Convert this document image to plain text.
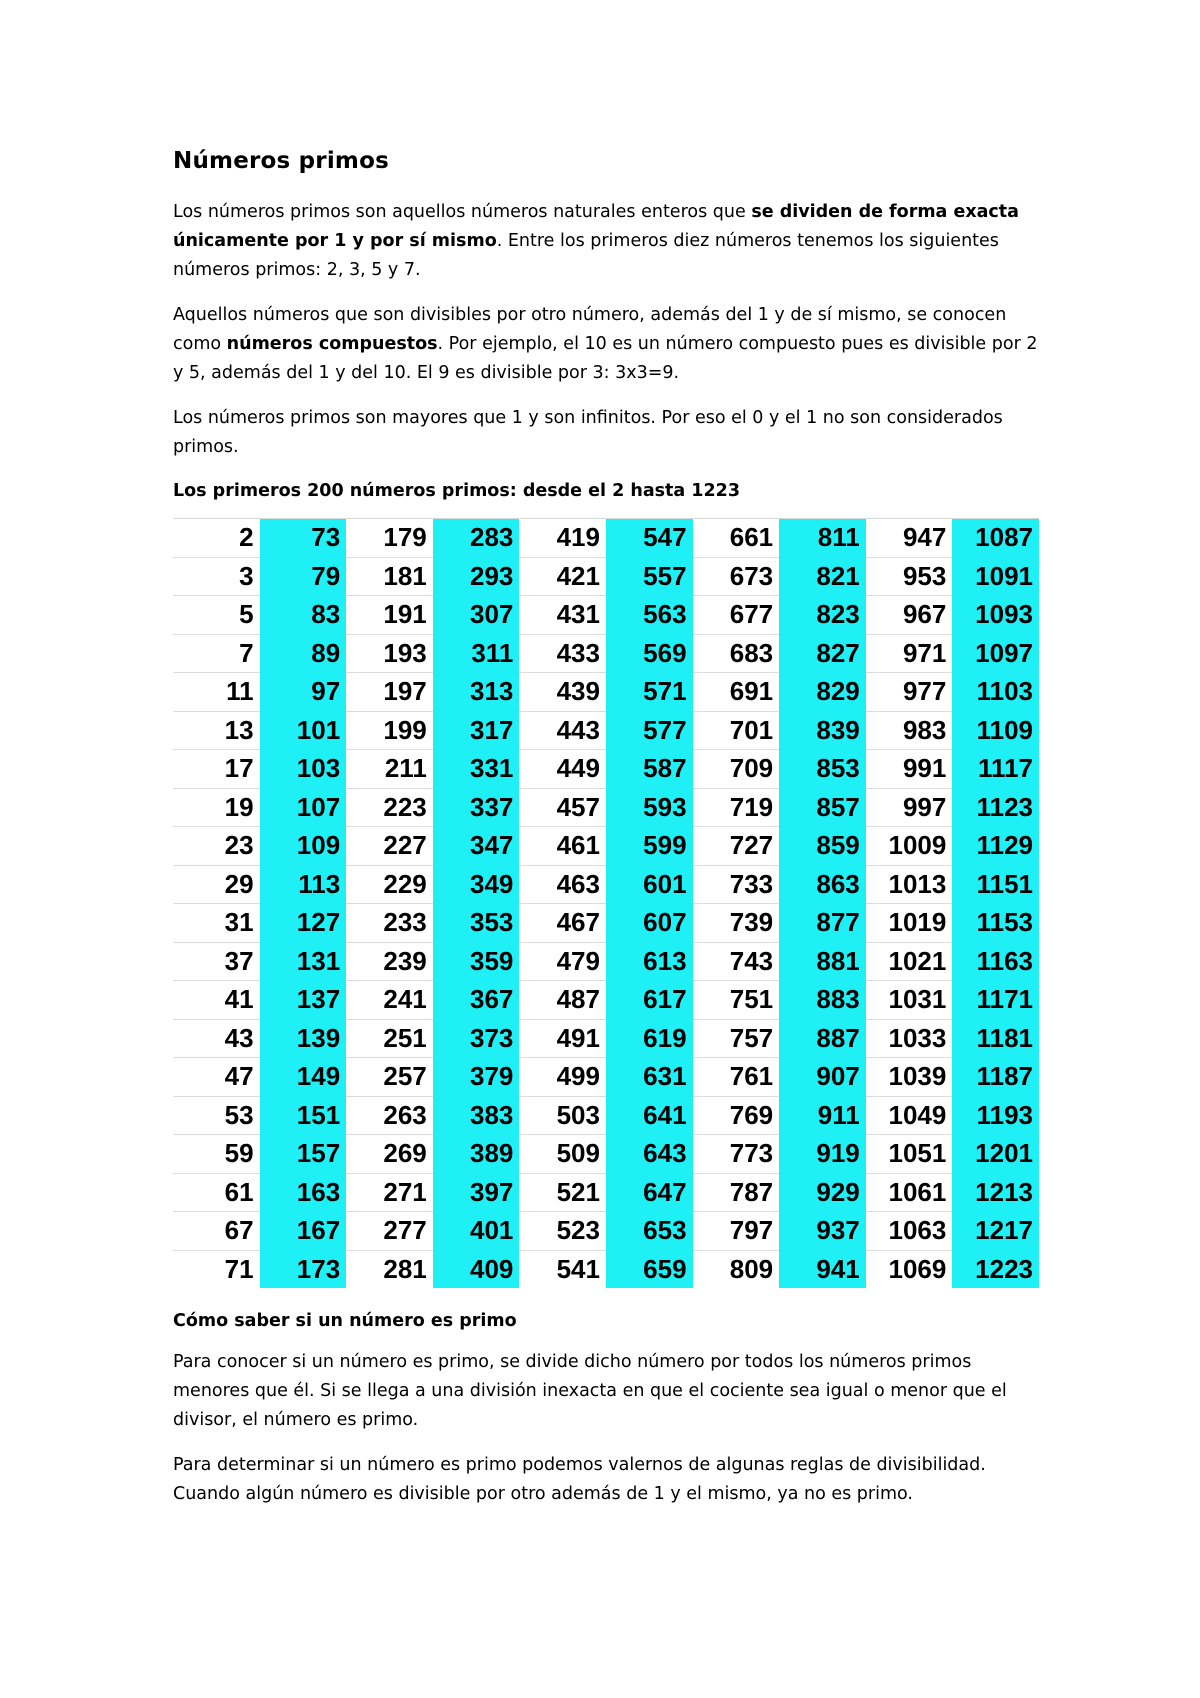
Números primos

Los números primos son aquellos números naturales enteros que se dividen de forma exacta únicamente por 1 y por sí mismo. Entre los primeros diez números tenemos los siguientes números primos: 2, 3, 5 y 7.

Aquellos números que son divisibles por otro número, además del 1 y de sí mismo, se conocen como números compuestos. Por ejemplo, el 10 es un número compuesto pues es divisible por 2 y 5, además del 1 y del 10. El 9 es divisible por 3: 3x3=9.

Los números primos son mayores que 1 y son infinitos. Por eso el 0 y el 1 no son considerados primos.

Los primeros 200 números primos: desde el 2 hasta 1223

2	73	179	283	419	547	661	811	947	1087
3	79	181	293	421	557	673	821	953	1091
5	83	191	307	431	563	677	823	967	1093
7	89	193	311	433	569	683	827	971	1097
11	97	197	313	439	571	691	829	977	1103
13	101	199	317	443	577	701	839	983	1109
17	103	211	331	449	587	709	853	991	1117
19	107	223	337	457	593	719	857	997	1123
23	109	227	347	461	599	727	859	1009	1129
29	113	229	349	463	601	733	863	1013	1151
31	127	233	353	467	607	739	877	1019	1153
37	131	239	359	479	613	743	881	1021	1163
41	137	241	367	487	617	751	883	1031	1171
43	139	251	373	491	619	757	887	1033	1181
47	149	257	379	499	631	761	907	1039	1187
53	151	263	383	503	641	769	911	1049	1193
59	157	269	389	509	643	773	919	1051	1201
61	163	271	397	521	647	787	929	1061	1213
67	167	277	401	523	653	797	937	1063	1217
71	173	281	409	541	659	809	941	1069	1223

Cómo saber si un número es primo

Para conocer si un número es primo, se divide dicho número por todos los números primos menores que él. Si se llega a una división inexacta en que el cociente sea igual o menor que el divisor, el número es primo.

Para determinar si un número es primo podemos valernos de algunas reglas de divisibilidad. Cuando algún número es divisible por otro además de 1 y el mismo, ya no es primo.
